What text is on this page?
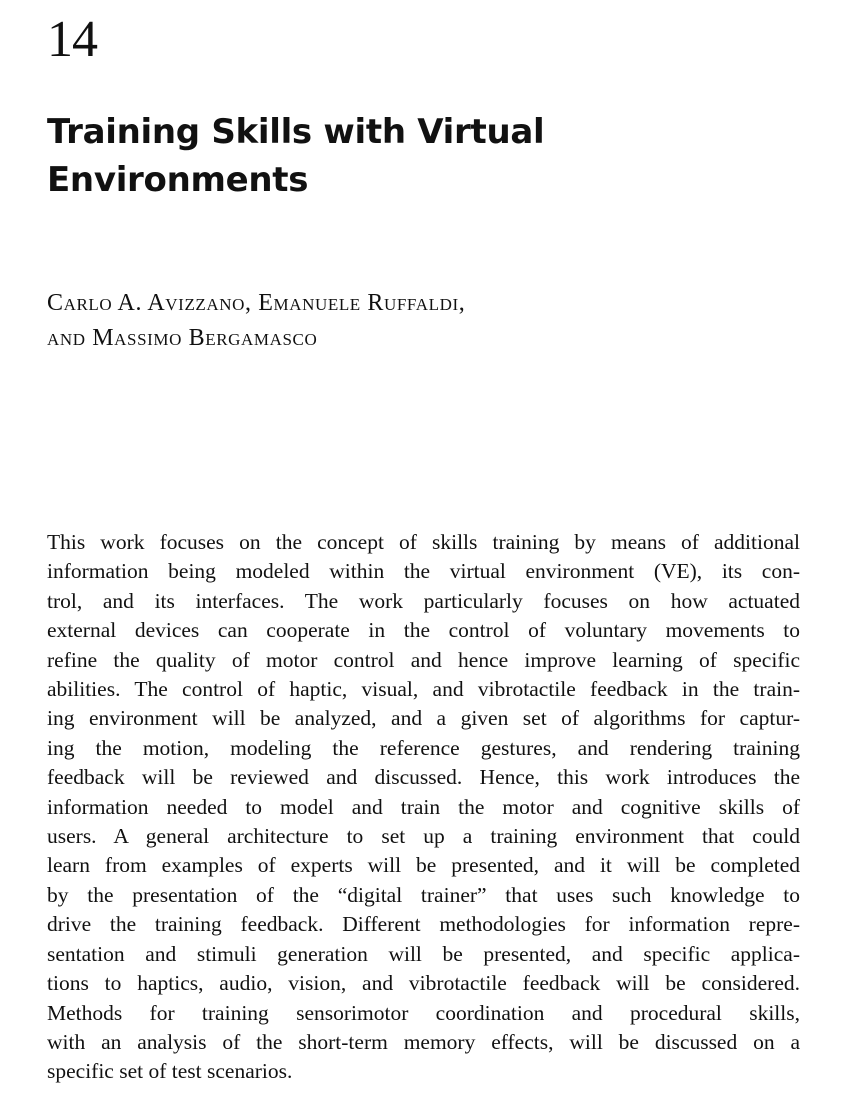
14
Training Skills with Virtual
Environments
Carlo A. Avizzano, Emanuele Ruffaldi,
and Massimo Bergamasco
This work focuses on the concept of skills training by means of additional
information being modeled within the virtual environment (VE), its con-
trol, and its interfaces. The work particularly focuses on how actuated
external devices can cooperate in the control of voluntary movements to
refine the quality of motor control and hence improve learning of specific
abilities. The control of haptic, visual, and vibrotactile feedback in the train-
ing environment will be analyzed, and a given set of algorithms for captur-
ing the motion, modeling the reference gestures, and rendering training
feedback will be reviewed and discussed. Hence, this work introduces the
information needed to model and train the motor and cognitive skills of
users. A general architecture to set up a training environment that could
learn from examples of experts will be presented, and it will be completed
by the presentation of the “digital trainer” that uses such knowledge to
drive the training feedback. Different methodologies for information repre-
sentation and stimuli generation will be presented, and specific applica-
tions to haptics, audio, vision, and vibrotactile feedback will be considered.
Methods for training sensorimotor coordination and procedural skills,
with an analysis of the short-term memory effects, will be discussed on a
specific set of test scenarios.
